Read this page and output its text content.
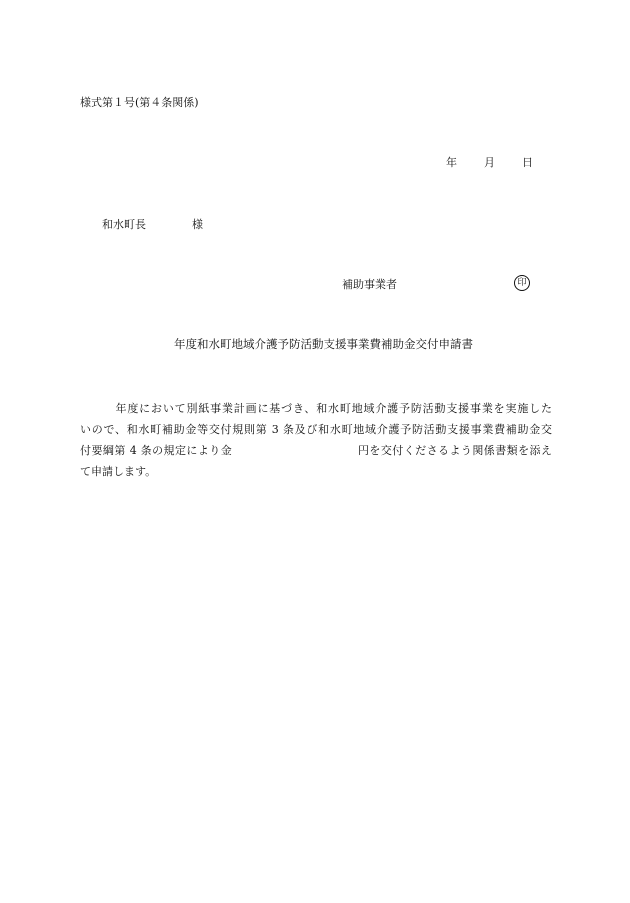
様式第１号(第４条関係)
年 月 日
和水町長	様
補助事業者	印
年度和水町地域介護予防活動支援事業費補助金交付申請書
　　　年度において別紙事業計画に基づき、和水町地域介護予防活動支援事業を実施した
いので、和水町補助金等交付規則第 3 条及び和水町地域介護予防活動支援事業費補助金交
付要綱第 4 条の規定により金　　　　　　　　　　　円を交付くださるよう関係書類を添え
て申請します。
